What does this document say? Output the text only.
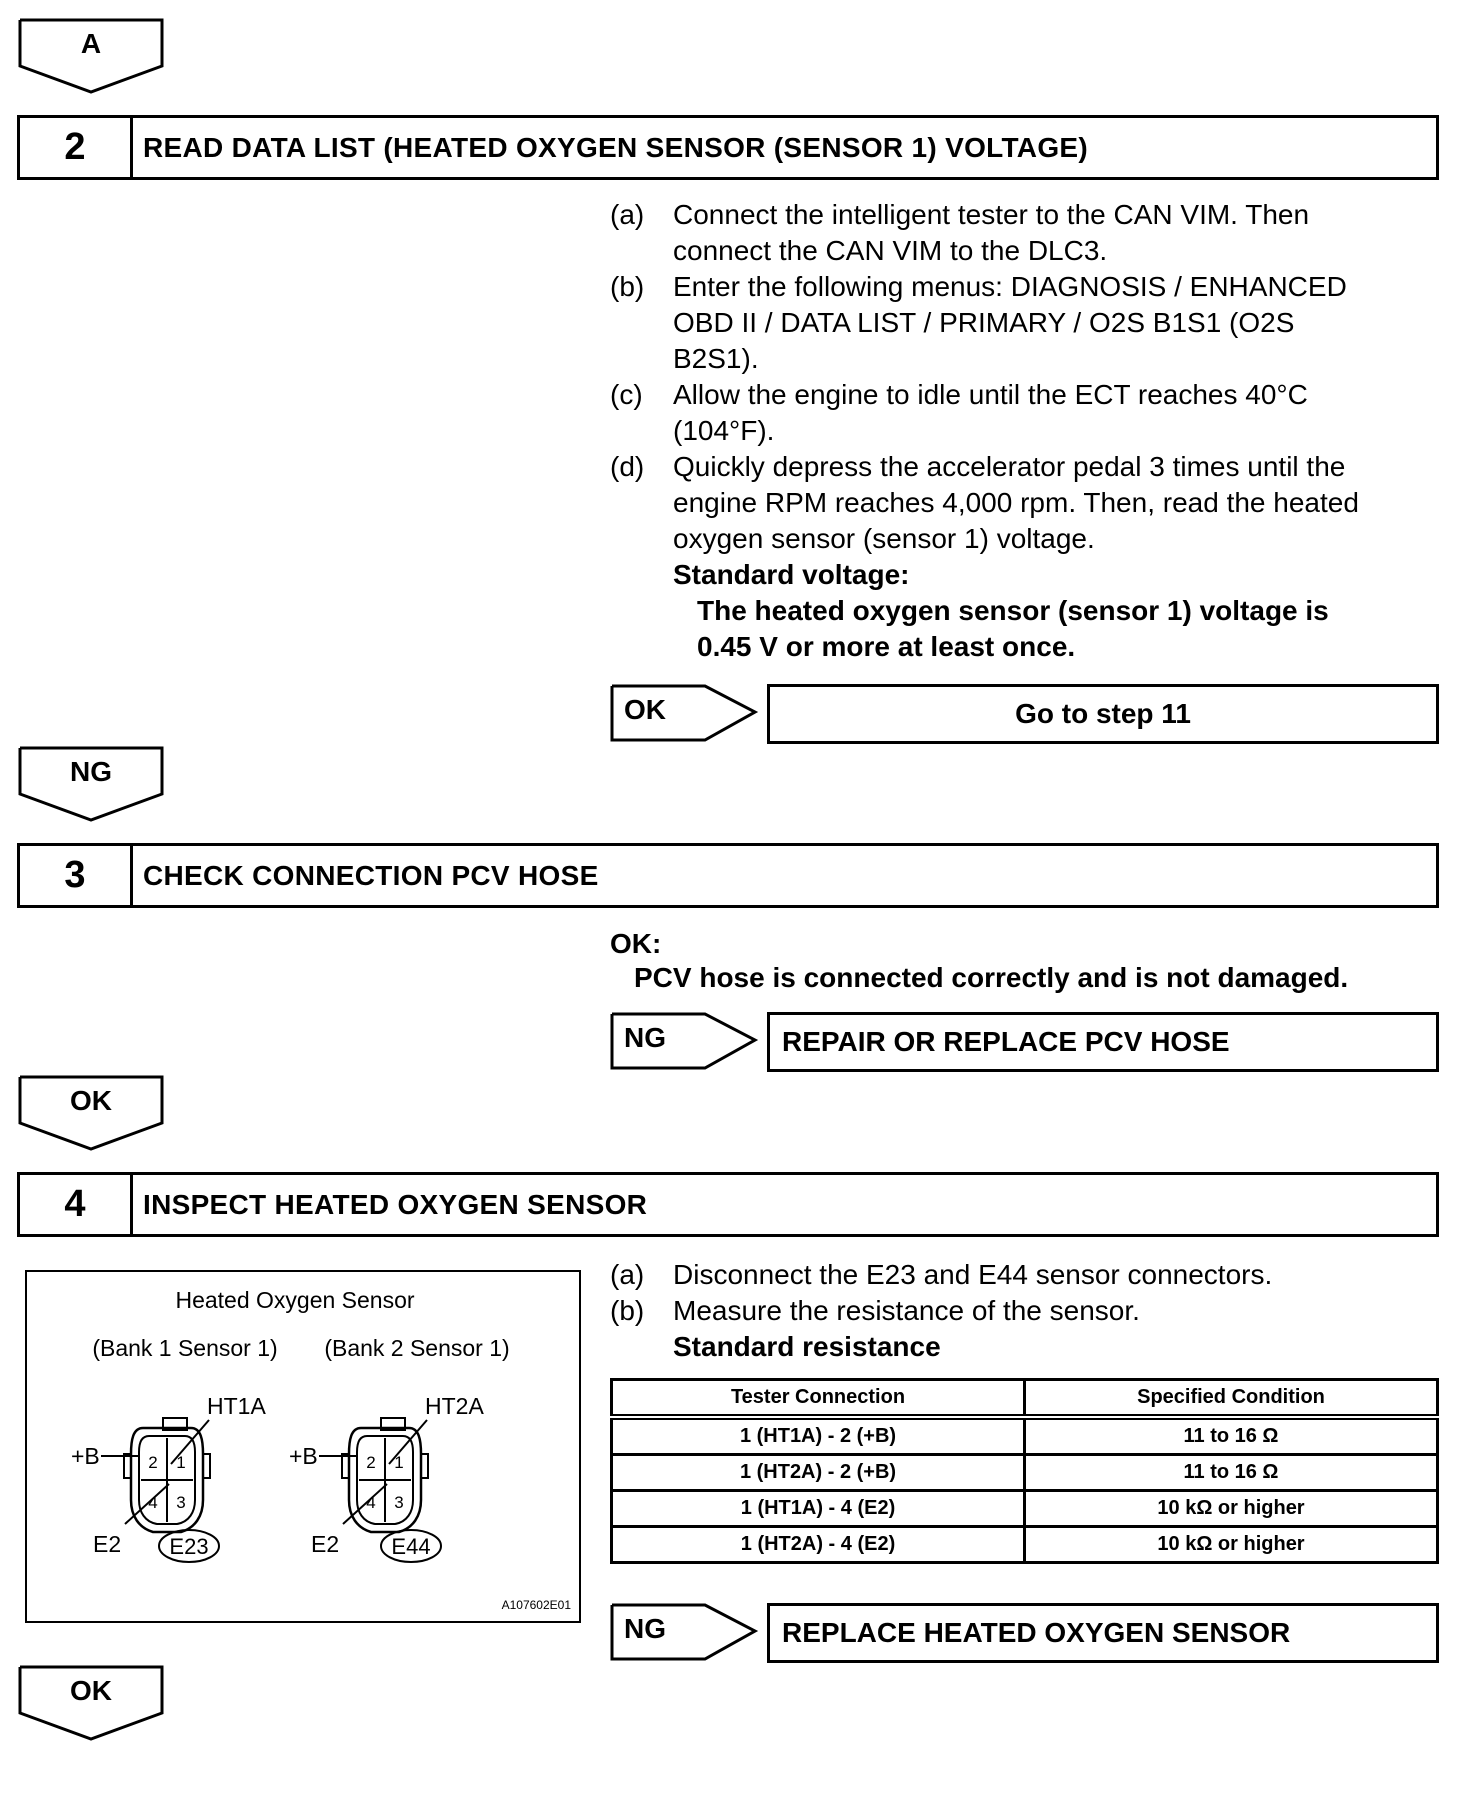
A
2	READ DATA LIST (HEATED OXYGEN SENSOR (SENSOR 1) VOLTAGE)
(a)	Connect the intelligent tester to the CAN VIM. Then
connect the CAN VIM to the DLC3.
(b)	Enter the following menus: DIAGNOSIS / ENHANCED
OBD II / DATA LIST / PRIMARY / O2S B1S1 (O2S
B2S1).
(c)	Allow the engine to idle until the ECT reaches 40°C
(104°F).
(d)	Quickly depress the accelerator pedal 3 times until the
engine RPM reaches 4,000 rpm. Then, read the heated
oxygen sensor (sensor 1) voltage.
Standard voltage:
The heated oxygen sensor (sensor 1) voltage is
0.45 V or more at least once.
OK	Go to step 11
NG
3	CHECK CONNECTION PCV HOSE
OK:
PCV hose is connected correctly and is not damaged.
NG	REPAIR OR REPLACE PCV HOSE
OK
4	INSPECT HEATED OXYGEN SENSOR
(a)	Disconnect the E23 and E44 sensor connectors.
(b)	Measure the resistance of the sensor.
Standard resistance
Tester Connection	Specified Condition
1 (HT1A) - 2 (+B)	11 to 16 Ω
1 (HT2A) - 2 (+B)	11 to 16 Ω
1 (HT1A) - 4 (E2)	10 kΩ or higher
1 (HT2A) - 4 (E2)	10 kΩ or higher
Heated Oxygen Sensor
(Bank 1 Sensor 1) (Bank 2 Sensor 1)
HT1A
+B
E2 E23
2 1
4 3
HT2A
+B
E2 E44
2 1
4 3
A107602E01
NG	REPLACE HEATED OXYGEN SENSOR
OK
